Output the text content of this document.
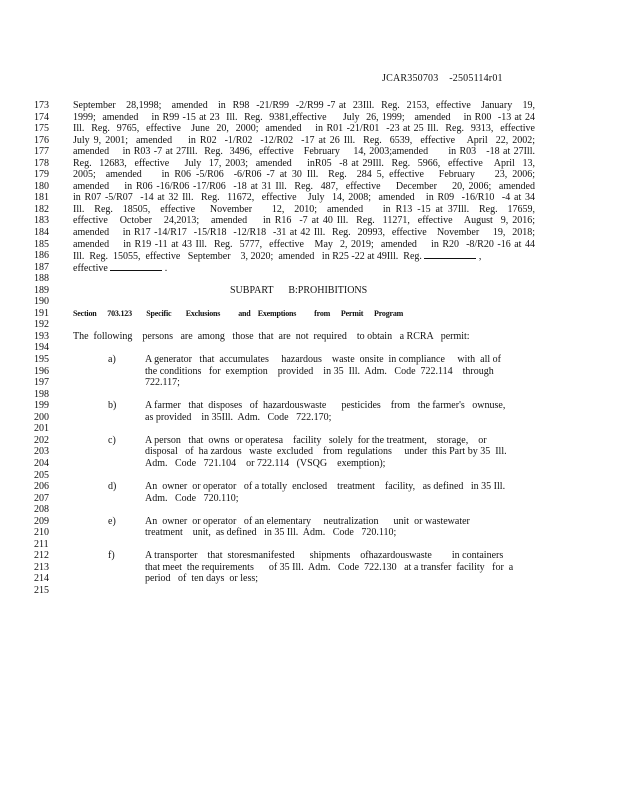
JCAR350703    -2505114r01
173	September   28,1998;   amended   in  R98  -21/R99  -2/R99 -7 at  23Ill.  Reg.  2153,  effective   January   19,
174	1999;  amended    in R99 -15 at 23  Ill.  Reg.  9381,effective     July  26, 1999;   amended    in R00  -13 at 24
175	Ill.  Reg.  9765,  effective   June  20,  2000;  amended    in R01 -21/R01  -23 at 25 Ill.  Reg.  9313,  effective
176	July 9, 2001;  amended    in R02  -1/R02  -12/R02  -17 at 26 Ill.  Reg.  6539,  effective   April  22, 2002;
177	amended    in R03 -7 at 27Ill.  Reg.  3496,  effective   February    14, 2003;amended      in R03   -18 at 27Ill.
178	Reg.  12683,  effective    July  17, 2003;  amended    inR05  -8 at 29Ill.  Reg.  5966,  effective   April  13,
179	2005;  amended    in R06 -5/R06  -6/R06 -7 at 30 Ill.  Reg.  284 5, effective   February    23, 2006;
180	amended    in R06 -16/R06 -17/R06  -18 at 31 Ill.  Reg.  487,  effective    December    20, 2006;  amended
181	in R07 -5/R07  -14 at 32 Ill.  Reg.  11672,  effective   July  14, 2008;  amended   in R09  -16/R10  -4 at 34
182	Ill.  Reg.  18505,  effective   November    12,  2010;  amended    in R13 -15 at 37Ill.  Reg.  17659,
183	effective   October   24,2013;   amended    in R16  -7 at 40 Ill.  Reg.  11271,  effective   August  9, 2016;
184	amended    in R17 -14/R17  -15/R18  -12/R18  -31 at 42 Ill.  Reg.  20993,  effective   November    19,  2018;
185	amended    in R19 -11 at 43 Ill.  Reg.  5777,  effective   May  2, 2019;  amended    in R20  -8/R20 -16 at 44
186	Ill.  Reg.  15055,  effective   September    3, 2020;  amended   in R25 -22 at 49Ill.  Reg.	,
187	effective	.
188
189	SUBPART      B:PROHIBITIONS
190
191	Section      703.123        Specific        Exclusions          and    Exemptions          from      Permit      Program
192
193	The  following    persons   are  among   those  that  are  not  required    to obtain   a RCRA   permit:
194
195	a)	A generator   that  accumulates     hazardous    waste  onsite  in compliance     with  all of
196	the conditions   for  exemption    provided    in 35  Ill.  Adm.   Code  722.114    through
197	722.117;
198
199	b)	A farmer   that  disposes   of  hazardouswaste      pesticides    from   the farmer's   ownuse,
200	as provided    in 35Ill.  Adm.   Code   722.170;
201
202	c)	A person   that  owns  or operatesa    facility   solely  for the treatment,    storage,    or
203	disposal   of  ha zardous   waste  excluded    from  regulations     under  this Part by 35  Ill.
204	Adm.   Code   721.104    or 722.114   (VSQG    exemption);
205
206	d)	An  owner  or operator   of a totally  enclosed    treatment    facility,   as defined   in 35 Ill.
207	Adm.   Code   720.110;
208
209	e)	An  owner  or operator   of an elementary     neutralization      unit  or wastewater
210	treatment    unit,  as defined   in 35 Ill.  Adm.   Code   720.110;
211
212	f)	A transporter    that  storesmanifested      shipments    ofhazardouswaste        in containers
213	that meet  the requirements      of 35 Ill.  Adm.   Code  722.130   at a transfer  facility   for  a
214	period   of  ten days  or less;
215
